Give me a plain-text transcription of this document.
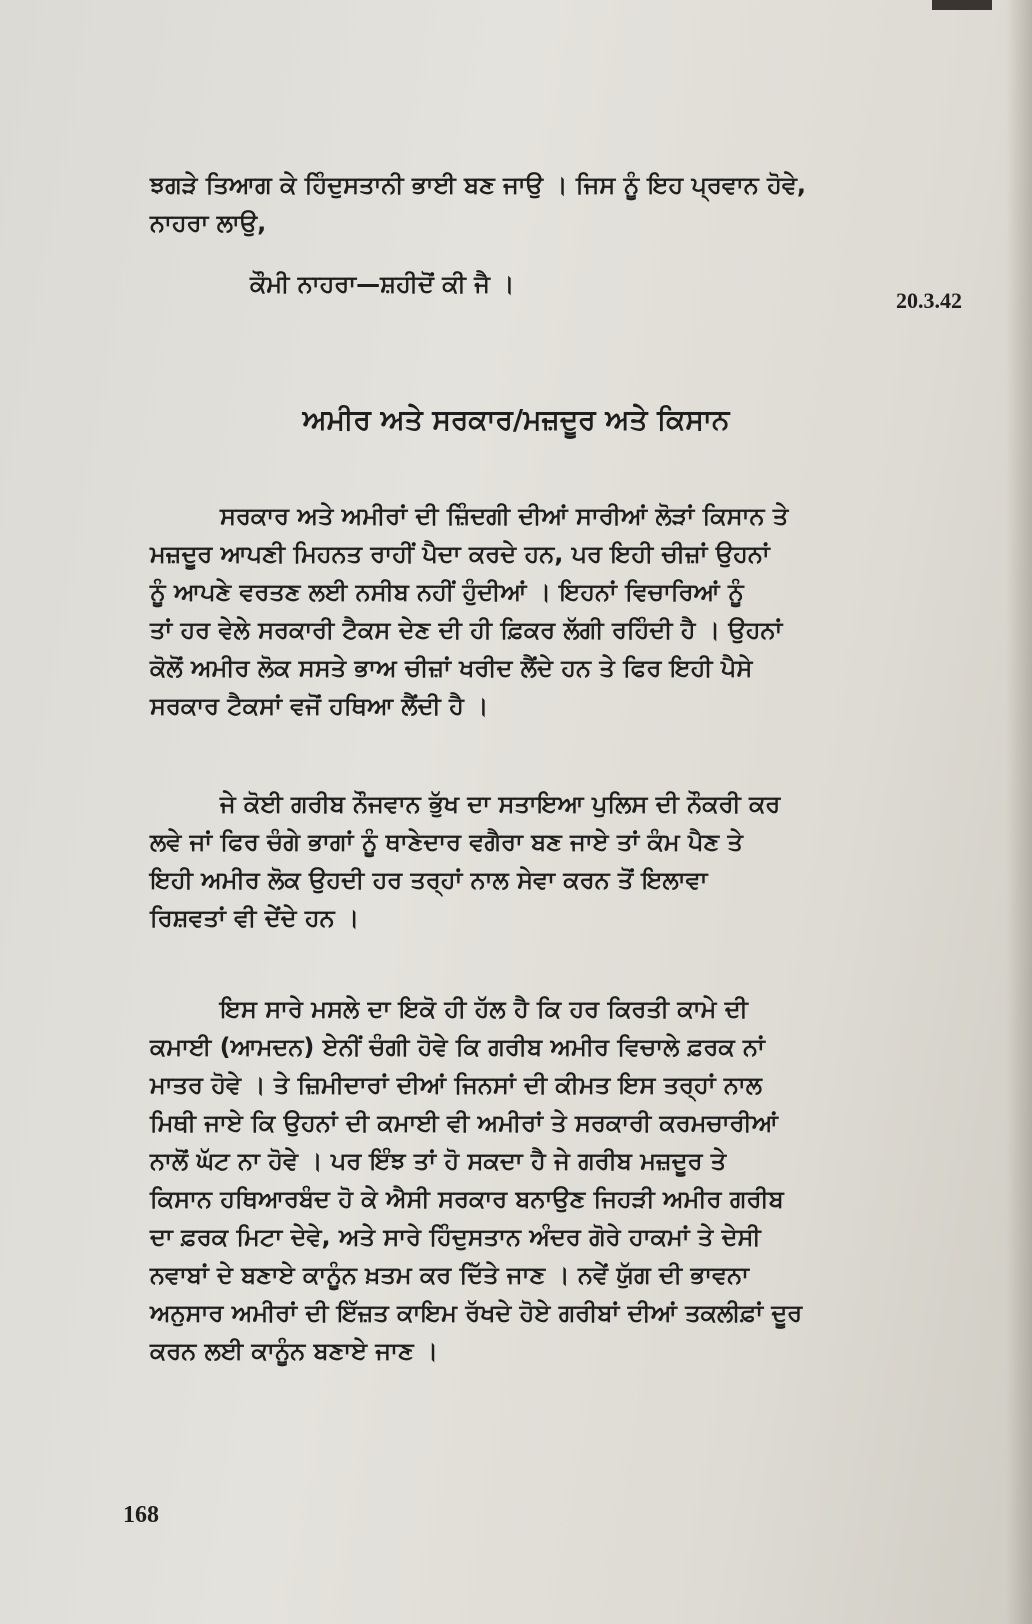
ਝਗੜੇ ਤਿਆਗ ਕੇ ਹਿੰਦੁਸਤਾਨੀ ਭਾਈ ਬਣ ਜਾਉ । ਜਿਸ ਨੂੰ ਇਹ ਪ੍ਰਵਾਨ ਹੋਵੇ,
ਨਾਹਰਾ ਲਾਉ,
ਕੌਮੀ ਨਾਹਰਾ—ਸ਼ਹੀਦੋਂ ਕੀ ਜੈ ।
20.3.42
ਅਮੀਰ ਅਤੇ ਸਰਕਾਰ/ਮਜ਼ਦੂਰ ਅਤੇ ਕਿਸਾਨ
ਸਰਕਾਰ ਅਤੇ ਅਮੀਰਾਂ ਦੀ ਜ਼ਿੰਦਗੀ ਦੀਆਂ ਸਾਰੀਆਂ ਲੋੜਾਂ ਕਿਸਾਨ ਤੇ
ਮਜ਼ਦੂਰ ਆਪਣੀ ਮਿਹਨਤ ਰਾਹੀਂ ਪੈਦਾ ਕਰਦੇ ਹਨ, ਪਰ ਇਹੀ ਚੀਜ਼ਾਂ ਉਹਨਾਂ
ਨੂੰ ਆਪਣੇ ਵਰਤਣ ਲਈ ਨਸੀਬ ਨਹੀਂ ਹੁੰਦੀਆਂ । ਇਹਨਾਂ ਵਿਚਾਰਿਆਂ ਨੂੰ
ਤਾਂ ਹਰ ਵੇਲੇ ਸਰਕਾਰੀ ਟੈਕਸ ਦੇਣ ਦੀ ਹੀ ਫ਼ਿਕਰ ਲੱਗੀ ਰਹਿੰਦੀ ਹੈ । ਉਹਨਾਂ
ਕੋਲੋਂ ਅਮੀਰ ਲੋਕ ਸਸਤੇ ਭਾਅ ਚੀਜ਼ਾਂ ਖਰੀਦ ਲੈਂਦੇ ਹਨ ਤੇ ਫਿਰ ਇਹੀ ਪੈਸੇ
ਸਰਕਾਰ ਟੈਕਸਾਂ ਵਜੋਂ ਹਥਿਆ ਲੈਂਦੀ ਹੈ ।
ਜੇ ਕੋਈ ਗਰੀਬ ਨੌਜਵਾਨ ਭੁੱਖ ਦਾ ਸਤਾਇਆ ਪੁਲਿਸ ਦੀ ਨੌਕਰੀ ਕਰ
ਲਵੇ ਜਾਂ ਫਿਰ ਚੰਗੇ ਭਾਗਾਂ ਨੂੰ ਥਾਣੇਦਾਰ ਵਗੈਰਾ ਬਣ ਜਾਏ ਤਾਂ ਕੰਮ ਪੈਣ ਤੇ
ਇਹੀ ਅਮੀਰ ਲੋਕ ਉਹਦੀ ਹਰ ਤਰ੍ਹਾਂ ਨਾਲ ਸੇਵਾ ਕਰਨ ਤੋਂ ਇਲਾਵਾ
ਰਿਸ਼ਵਤਾਂ ਵੀ ਦੇਂਦੇ ਹਨ ।
ਇਸ ਸਾਰੇ ਮਸਲੇ ਦਾ ਇਕੋ ਹੀ ਹੱਲ ਹੈ ਕਿ ਹਰ ਕਿਰਤੀ ਕਾਮੇ ਦੀ
ਕਮਾਈ (ਆਮਦਨ) ਏਨੀਂ ਚੰਗੀ ਹੋਵੇ ਕਿ ਗਰੀਬ ਅਮੀਰ ਵਿਚਾਲੇ ਫ਼ਰਕ ਨਾਂ
ਮਾਤਰ ਹੋਵੇ । ਤੇ ਜ਼ਿਮੀਦਾਰਾਂ ਦੀਆਂ ਜਿਨਸਾਂ ਦੀ ਕੀਮਤ ਇਸ ਤਰ੍ਹਾਂ ਨਾਲ
ਮਿਥੀ ਜਾਏ ਕਿ ਉਹਨਾਂ ਦੀ ਕਮਾਈ ਵੀ ਅਮੀਰਾਂ ਤੇ ਸਰਕਾਰੀ ਕਰਮਚਾਰੀਆਂ
ਨਾਲੋਂ ਘੱਟ ਨਾ ਹੋਵੇ । ਪਰ ਇੰਝ ਤਾਂ ਹੋ ਸਕਦਾ ਹੈ ਜੇ ਗਰੀਬ ਮਜ਼ਦੂਰ ਤੇ
ਕਿਸਾਨ ਹਥਿਆਰਬੰਦ ਹੋ ਕੇ ਐਸੀ ਸਰਕਾਰ ਬਨਾਉਣ ਜਿਹੜੀ ਅਮੀਰ ਗਰੀਬ
ਦਾ ਫ਼ਰਕ ਮਿਟਾ ਦੇਵੇ, ਅਤੇ ਸਾਰੇ ਹਿੰਦੁਸਤਾਨ ਅੰਦਰ ਗੋਰੇ ਹਾਕਮਾਂ ਤੇ ਦੇਸੀ
ਨਵਾਬਾਂ ਦੇ ਬਣਾਏ ਕਾਨੂੰਨ ਖ਼ਤਮ ਕਰ ਦਿੱਤੇ ਜਾਣ । ਨਵੇਂ ਯੁੱਗ ਦੀ ਭਾਵਨਾ
ਅਨੁਸਾਰ ਅਮੀਰਾਂ ਦੀ ਇੱਜ਼ਤ ਕਾਇਮ ਰੱਖਦੇ ਹੋਏ ਗਰੀਬਾਂ ਦੀਆਂ ਤਕਲੀਫ਼ਾਂ ਦੂਰ
ਕਰਨ ਲਈ ਕਾਨੂੰਨ ਬਣਾਏ ਜਾਣ ।
168
